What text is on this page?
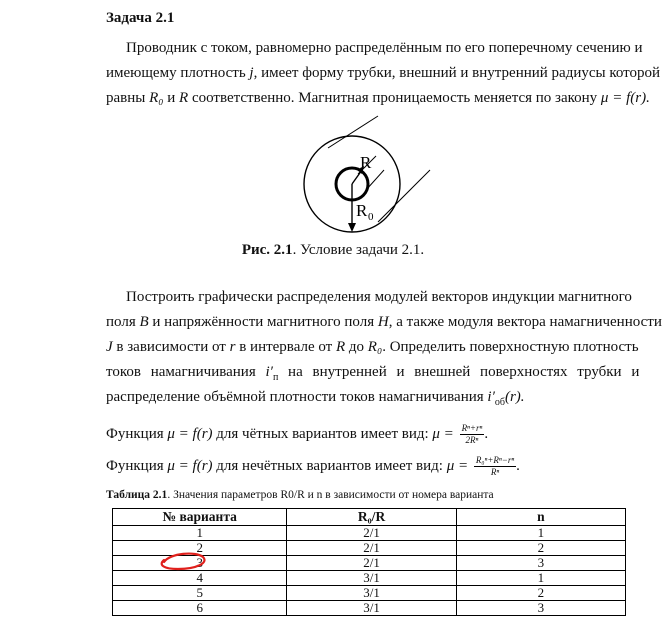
Задача 2.1
Проводник с током, равномерно распределённым по его поперечному сечению и
имеющему плотность j, имеет форму трубки, внешний и внутренний радиусы которой
равны R₀ и R соответственно. Магнитная проницаемость меняется по закону μ = f(r).
R
R 0
Рис. 2.1. Условие задачи 2.1.
Построить графически распределения модулей векторов индукции магнитного
поля B и напряжённости магнитного поля H, а также модуля вектора намагниченности
J в зависимости от r в интервале от R до R₀. Определить поверхностную плотность
токов намагничивания $i'_п$ на внутренней и внешней поверхностях трубки и
распределение объёмной плотности токов намагничивания $i'_{об}(r)$.
Функция μ = f(r) для чётных вариантов имеет вид: $\mu = \frac{\text{Rⁿ+rⁿ}}{\text{2Rⁿ}}$ .
Функция μ = f(r) для нечётных вариантов имеет вид: $\mu = \frac{\text{R₀ⁿ+Rⁿ−rⁿ}}{\text{Rⁿ}}$ .
Таблица 2.1. Значения параметров R0/R и n в зависимости от номера варианта
№ варианта	R₀/R	n
1	2/1	1
2	2/1	2
3	2/1	3
4	3/1	1
5	3/1	2
6	3/1	3
